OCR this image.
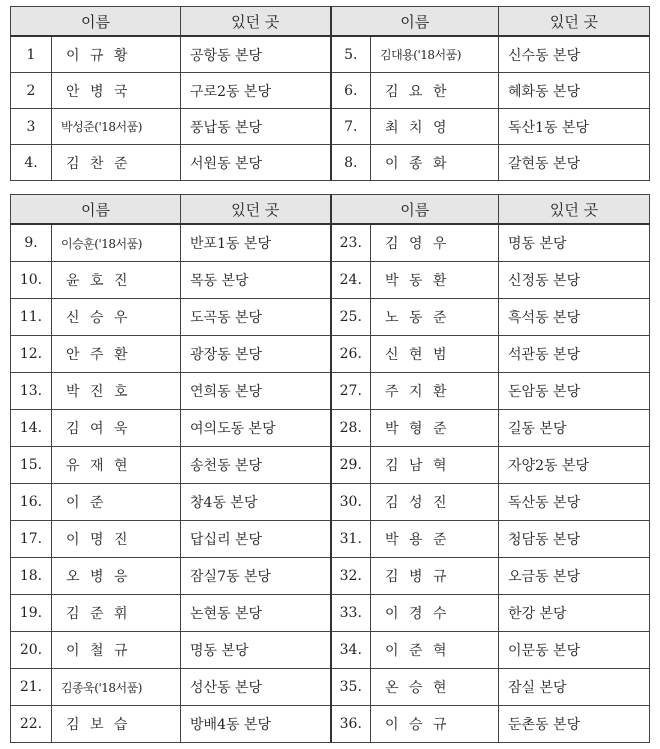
이름		있던 곳	이름		있던 곳
1	이 규 황	공항동 본당	5.	김대용('18서품)	신수동 본당
2	안 병 국	구로2동 본당	6.	김 요 한	혜화동 본당
3	박성준('18서품)	풍납동 본당	7.	최 치 영	독산1동 본당
4.	김 찬 준	서원동 본당	8.	이 종 화	갈현동 본당
이름		있던 곳	이름		있던 곳
9.	이승훈('18서품)	반포1동 본당	23.	김 영 우	명동 본당
10.	윤 호 진	목동 본당	24.	박 동 환	신정동 본당
11.	신 승 우	도곡동 본당	25.	노 동 준	흑석동 본당
12.	안 주 환	광장동 본당	26.	신 현 범	석관동 본당
13.	박 진 호	연희동 본당	27.	주 지 환	돈암동 본당
14.	김 여 욱	여의도동 본당	28.	박 형 준	길동 본당
15.	유 재 현	송천동 본당	29.	김 남 혁	자양2동 본당
16.	이 준	창4동 본당	30.	김 성 진	독산동 본당
17.	이 명 진	답십리 본당	31.	박 용 준	청담동 본당
18.	오 병 응	잠실7동 본당	32.	김 병 규	오금동 본당
19.	김 준 휘	논현동 본당	33.	이 경 수	한강 본당
20.	이 철 규	명동 본당	34.	이 준 혁	이문동 본당
21.	김종욱('18서품)	성산동 본당	35.	온 승 현	잠실 본당
22.	김 보 습	방배4동 본당	36.	이 승 규	둔촌동 본당
